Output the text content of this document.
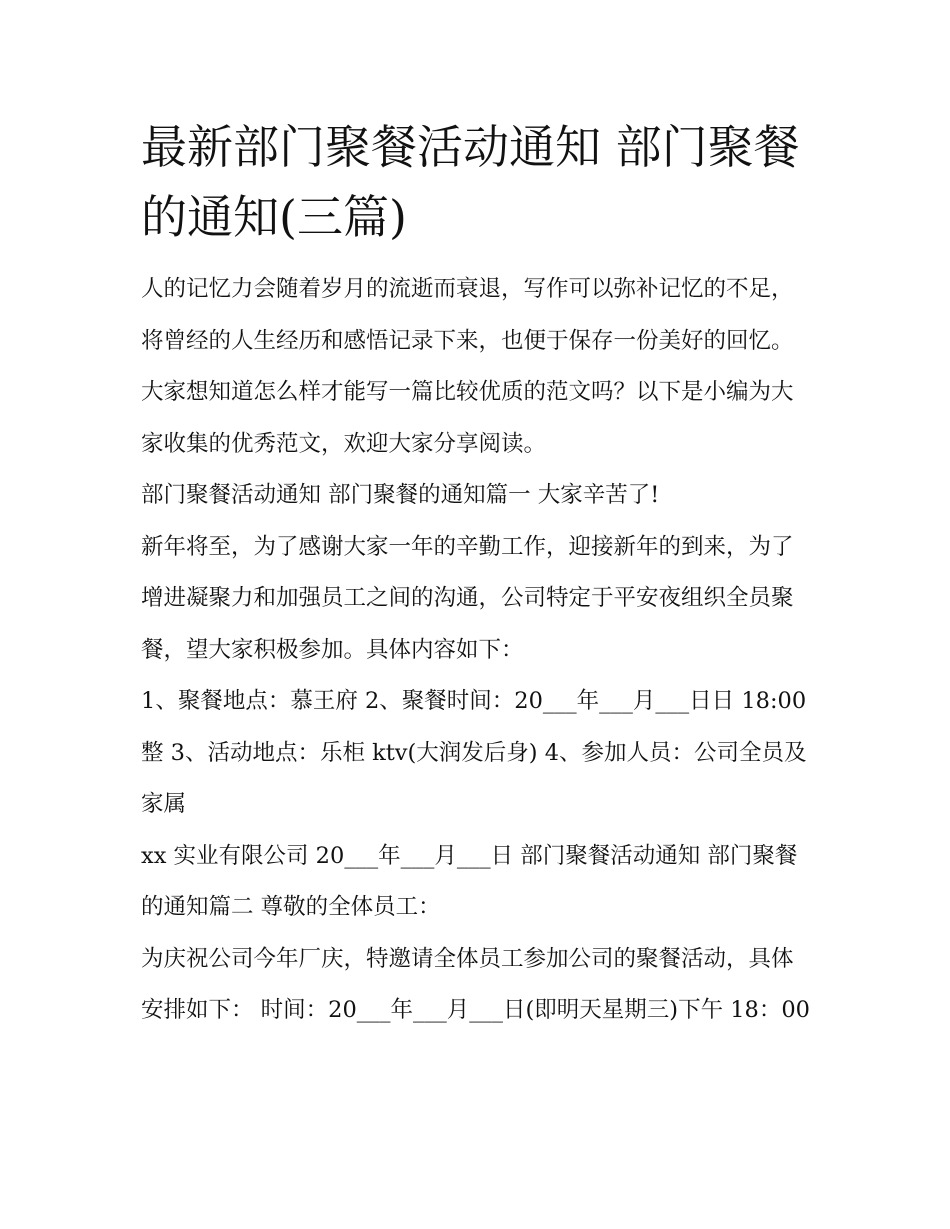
最新部门聚餐活动通知 部门聚餐的通知(三篇)

人的记忆力会随着岁月的流逝而衰退，写作可以弥补记忆的不足，将曾经的人生经历和感悟记录下来，也便于保存一份美好的回忆。大家想知道怎么样才能写一篇比较优质的范文吗？以下是小编为大家收集的优秀范文，欢迎大家分享阅读。

部门聚餐活动通知 部门聚餐的通知篇一 大家辛苦了!

新年将至，为了感谢大家一年的辛勤工作，迎接新年的到来，为了增进凝聚力和加强员工之间的沟通，公司特定于平安夜组织全员聚餐，望大家积极参加。具体内容如下：

1、聚餐地点：慕王府 2、聚餐时间：20___年___月___日日 18:00 整 3、活动地点：乐柜 ktv(大润发后身) 4、参加人员：公司全员及家属

xx 实业有限公司 20___年___月___日 部门聚餐活动通知 部门聚餐的通知篇二 尊敬的全体员工：

为庆祝公司今年厂庆，特邀请全体员工参加公司的聚餐活动，具体安排如下： 时间：20___年___月___日(即明天星期三)下午 18：00
